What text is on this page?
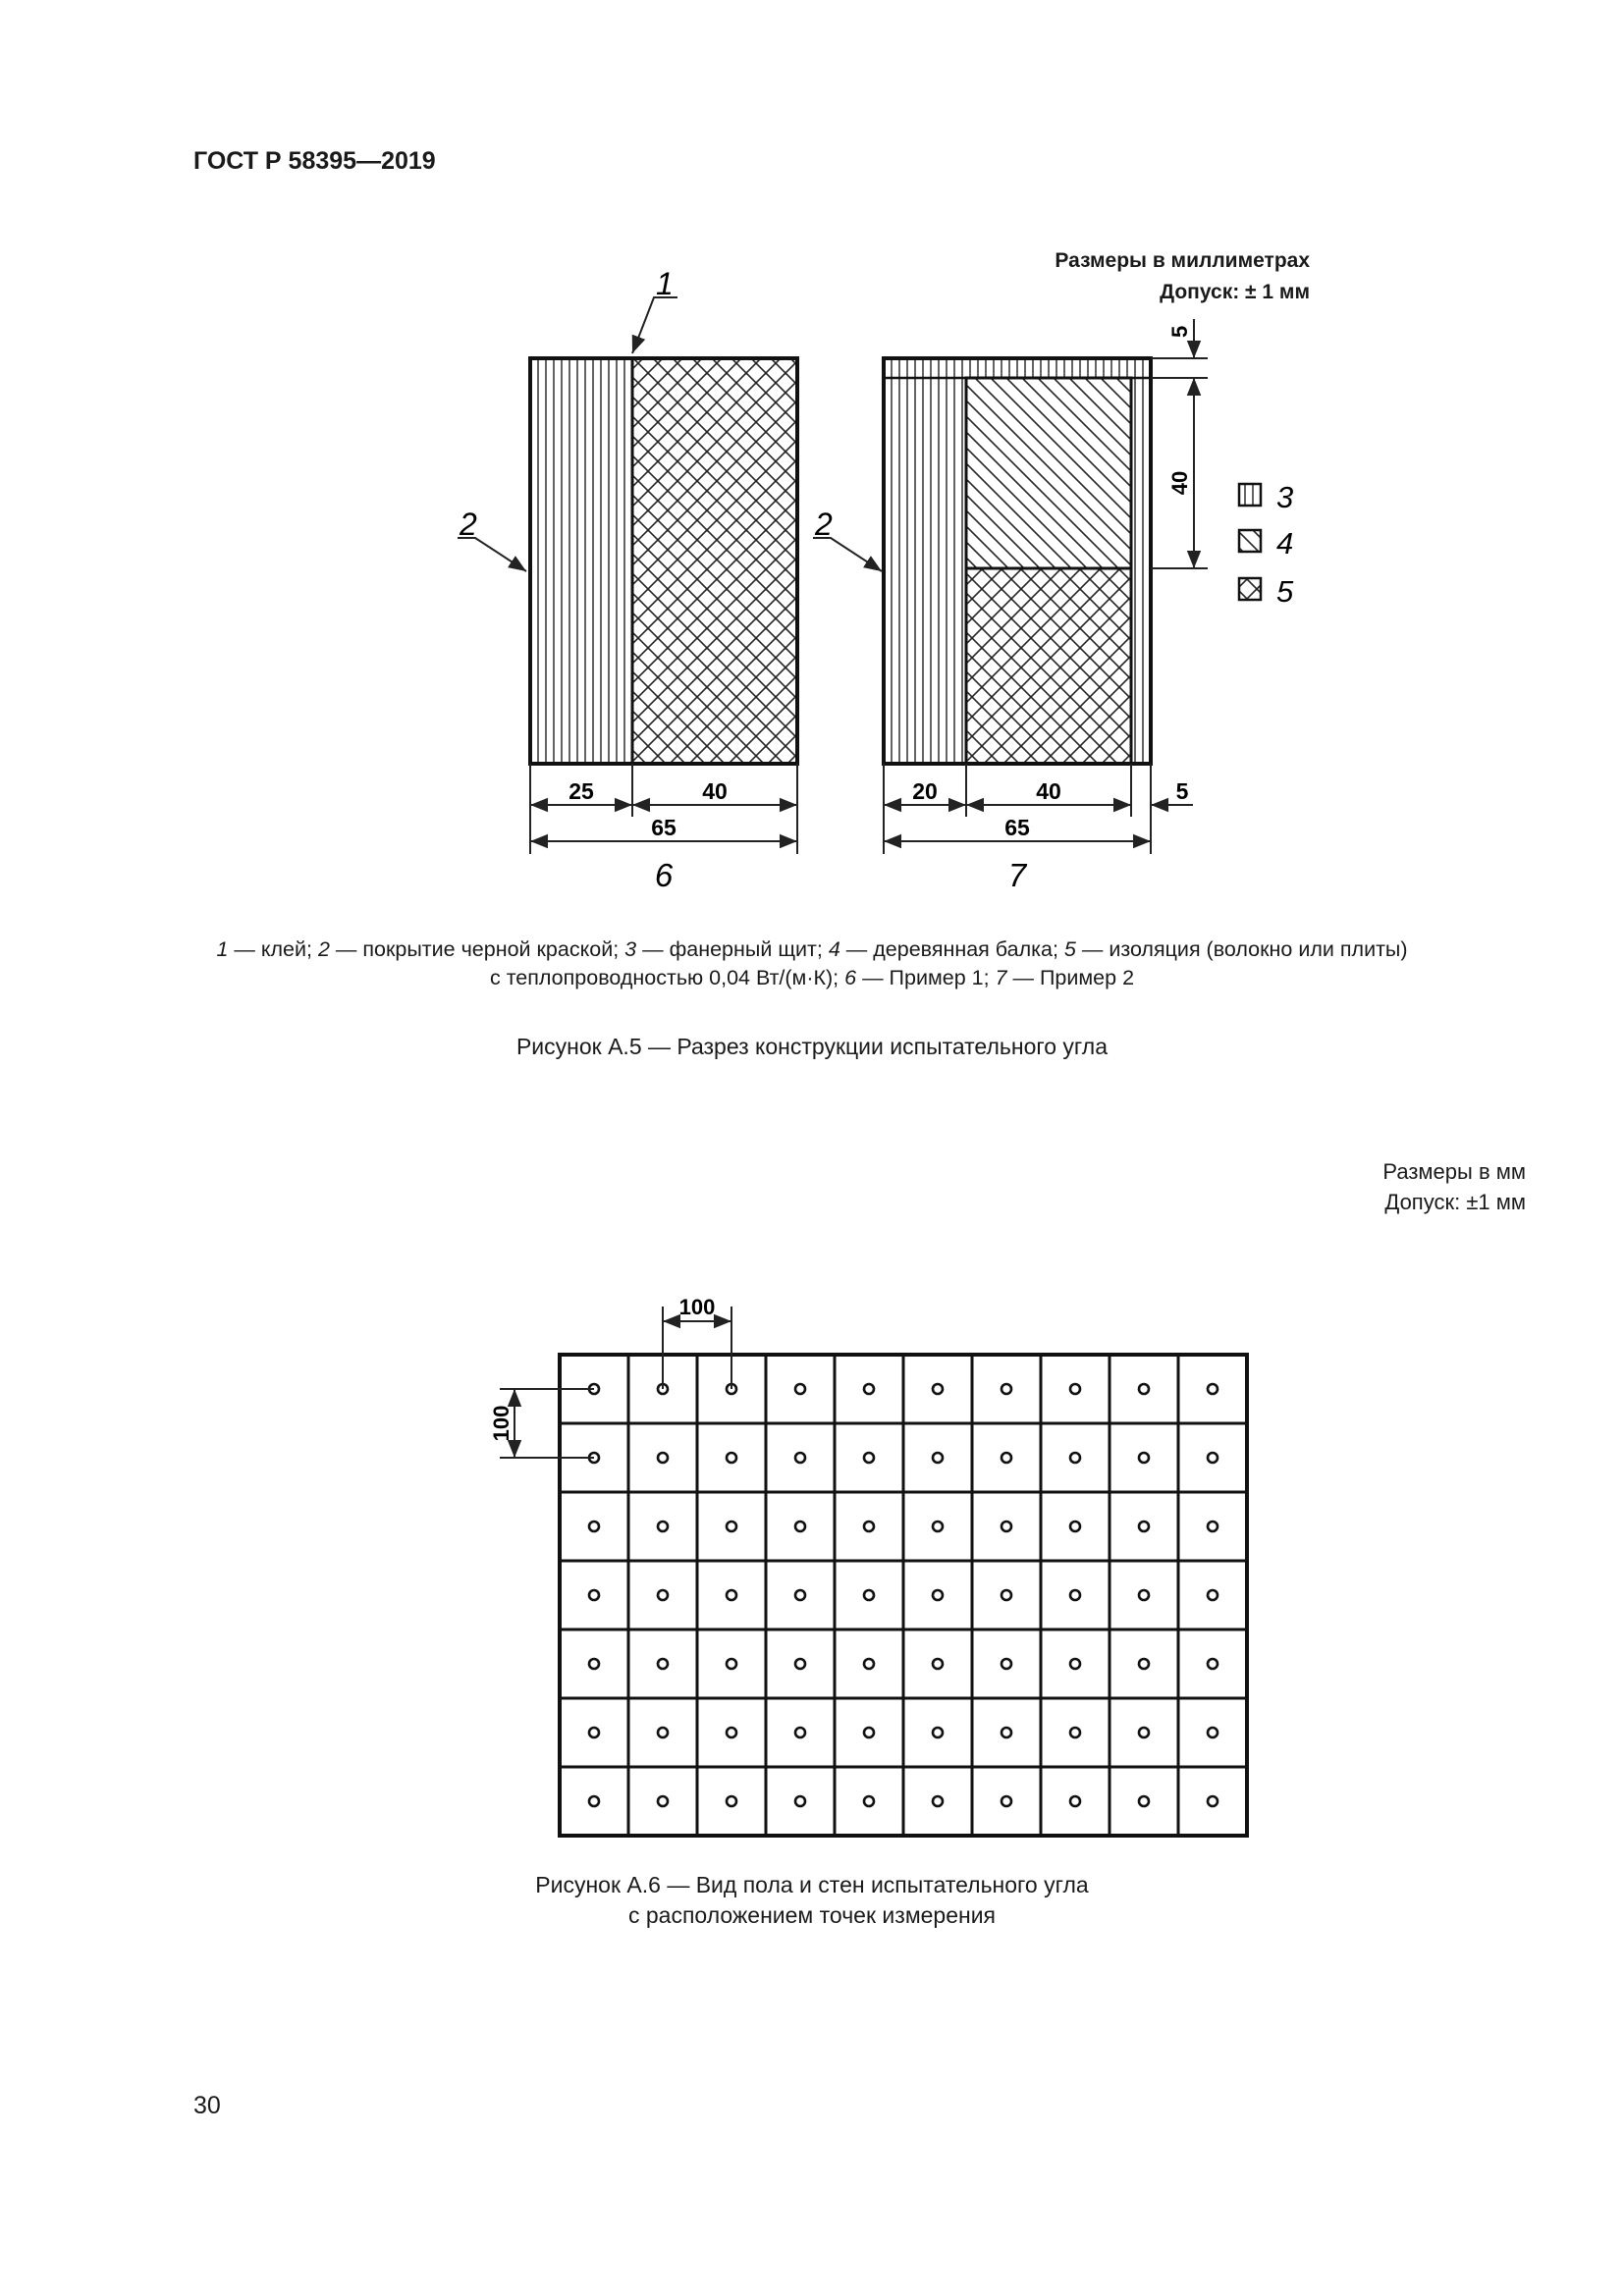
ГОСТ Р 58395—2019
Размеры в миллиметрах
Допуск: ± 1 мм
1
2
25	40
65
6
2
20	40	5
65
7
5
40	3
4
5
100
100
1 — клей; 2 — покрытие черной краской; 3 — фанерный щит; 4 — деревянная балка; 5 — изоляция (волокно или плиты)
с теплопроводностью 0,04 Вт/(м·К); 6 — Пример 1; 7 — Пример 2
Рисунок А.5 — Разрез конструкции испытательного угла
Размеры в мм
Допуск: ±1 мм
Рисунок А.6 — Вид пола и стен испытательного угла
с расположением точек измерения
30
